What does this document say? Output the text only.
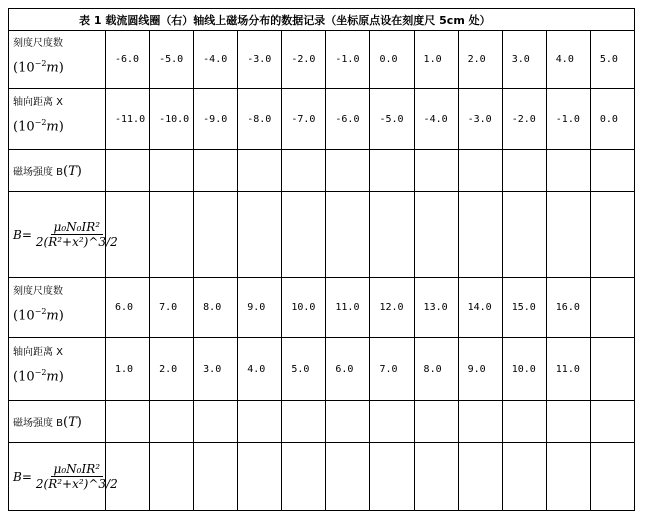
表 1 载流圆线圈（右）轴线上磁场分布的数据记录（坐标原点设在刻度尺 5cm 处）												

刻度尺度数
$(10^{-2}m)$	-6.0	-5.0	-4.0	-3.0	-2.0	-1.0	0.0	1.0	2.0	3.0	4.0	5.0

轴向距离 X
$(10^{-2}m)$	-11.0	-10.0	-9.0	-8.0	-7.0	-6.0	-5.0	-4.0	-3.0	-2.0	-1.0	0.0
磁场强度 B(T)												

$B= \frac{\text{μ₀N₀IR²}}{\text{2(R²+x²)\textasciicircum{}3/2}}$

刻度尺度数
$(10^{-2}m)$	6.0	7.0	8.0	9.0	10.0	11.0	12.0	13.0	14.0	15.0	16.0	

轴向距离 X
$(10^{-2}m)$	1.0	2.0	3.0	4.0	5.0	6.0	7.0	8.0	9.0	10.0	11.0	
磁场强度 B(T)												

$B= \frac{\text{μ₀N₀IR²}}{\text{2(R²+x²)\textasciicircum{}3/2}}$
